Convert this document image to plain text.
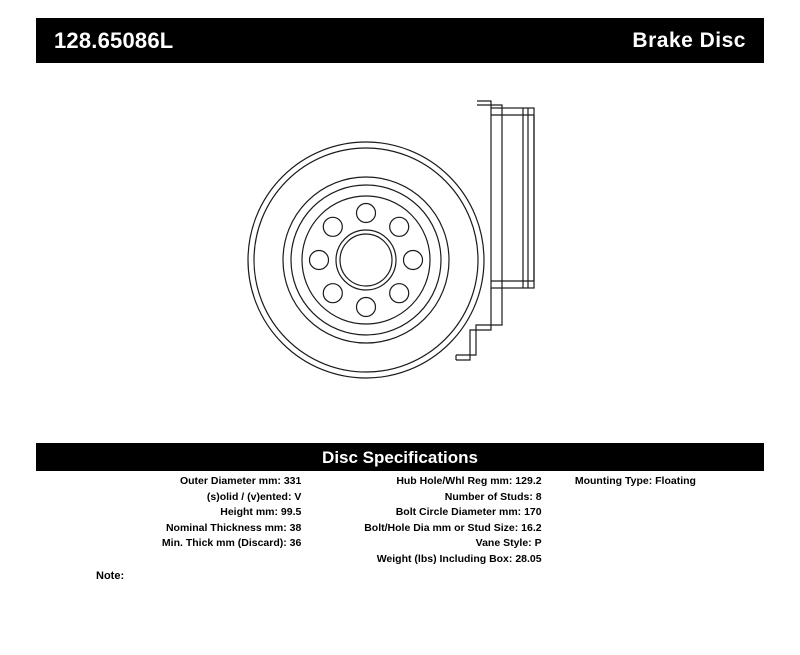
128.65086L	Brake Disc
Disc Specifications
Outer Diameter mm: 331
(s)olid / (v)ented: V
Height mm: 99.5
Nominal Thickness mm: 38
Min. Thick mm (Discard): 36
Hub Hole/Whl Reg mm: 129.2
Number of Studs: 8
Bolt Circle Diameter mm: 170
Bolt/Hole Dia mm or Stud Size: 16.2
Vane Style: P
Weight (lbs) Including Box: 28.05
Mounting Type: Floating
Note:
